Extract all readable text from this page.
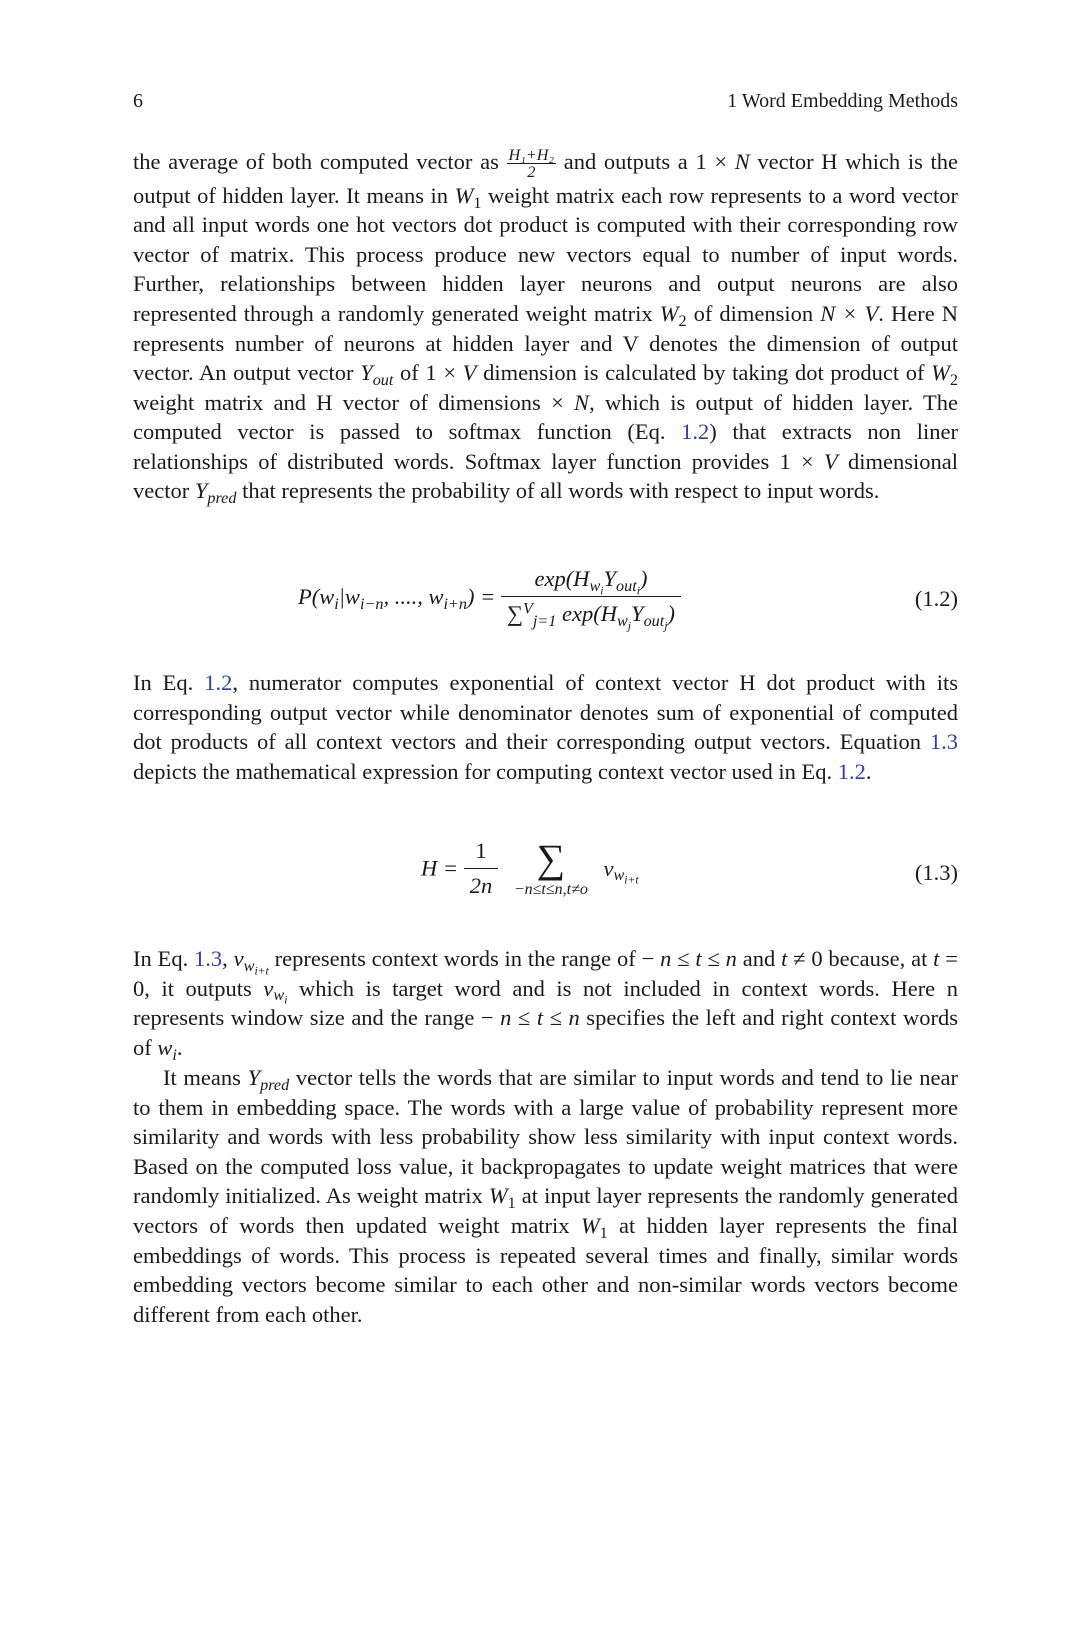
6	1 Word Embedding Methods

the average of both computed vector as $\frac{\text{H₁+H₂}}{2}$ and outputs a 1 × N vector H which is the output of hidden layer. It means in $W_1$ weight matrix each row represents to a word vector and all input words one hot vectors dot product is computed with their corresponding row vector of matrix. This process produce new vectors equal to number of input words. Further, relationships between hidden layer neurons and output neurons are also represented through a randomly generated weight matrix $W_2$ of dimension N × V. Here N represents number of neurons at hidden layer and V denotes the dimension of output vector. An output vector $Y_{out}$ of 1 × V dimension is calculated by taking dot product of $W_2$ weight matrix and H vector of dimensions × N, which is output of hidden layer. The computed vector is passed to softmax function (Eq. 1.2) that extracts non liner relationships of distributed words. Softmax layer function provides 1 × V dimensional vector $Y_{pred}$ that represents the probability of all words with respect to input words.

$P(w_i|w_{i-n}$, ...., $w_{i+n}) = \frac{\exp(H_{w_i}Y_{out_i})}{\sum^V_{j=1} \exp(H_{w_j}Y_{out_j})}$	(1.2)

In Eq. 1.2, numerator computes exponential of context vector H dot product with its corresponding output vector while denominator denotes sum of exponential of computed dot products of all context vectors and their corresponding output vectors. Equation 1.3 depicts the mathematical expression for computing context vector used in Eq. 1.2.

$H = \frac{1}{2n}$
∑
−n≤t≤n,t≠o
$v_{w_{i+t}}$	(1.3)

In Eq. 1.3, $v_{w_{i+t}}$ represents context words in the range of − n ≤ t ≤ n and t ≠ 0 because, at t = 0, it outputs $v_{w_i}$ which is target word and is not included in context words. Here n represents window size and the range − n ≤ t ≤ n specifies the left and right context words of $w_i$.

It means $Y_{pred}$ vector tells the words that are similar to input words and tend to lie near to them in embedding space. The words with a large value of probability represent more similarity and words with less probability show less similarity with input context words. Based on the computed loss value, it backpropagates to update weight matrices that were randomly initialized. As weight matrix $W_1$ at input layer represents the randomly generated vectors of words then updated weight matrix $W_1$ at hidden layer represents the final embeddings of words. This process is repeated several times and finally, similar words embedding vectors become similar to each other and non-similar words vectors become different from each other.
